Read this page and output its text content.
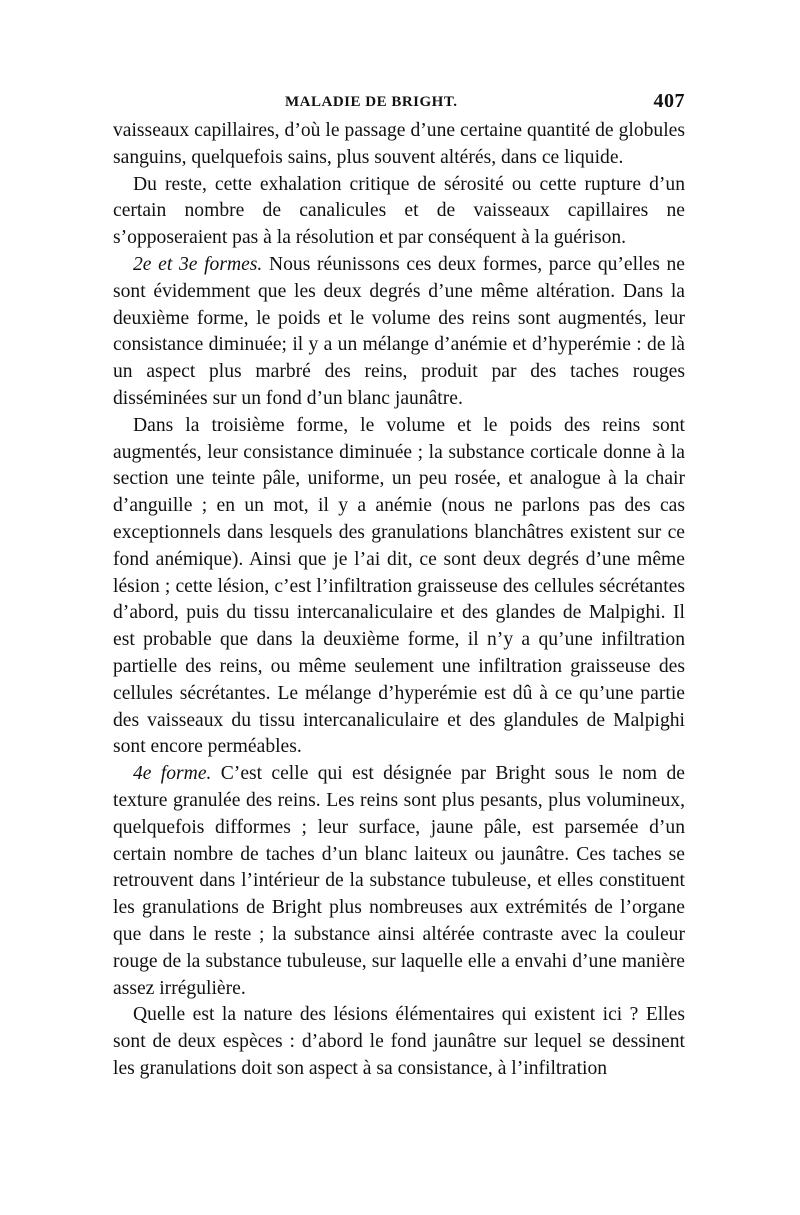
MALADIE DE BRIGHT.	407

vaisseaux capillaires, d’où le passage d’une certaine quantité de globules sanguins, quelquefois sains, plus souvent altérés, dans ce liquide.

Du reste, cette exhalation critique de sérosité ou cette rupture d’un certain nombre de canalicules et de vaisseaux capillaires ne s’opposeraient pas à la résolution et par conséquent à la guérison.

2e et 3e formes. Nous réunissons ces deux formes, parce qu’elles ne sont évidemment que les deux degrés d’une même altération. Dans la deuxième forme, le poids et le volume des reins sont augmentés, leur consistance diminuée; il y a un mélange d’anémie et d’hyperémie : de là un aspect plus marbré des reins, produit par des taches rouges disséminées sur un fond d’un blanc jaunâtre.

Dans la troisième forme, le volume et le poids des reins sont augmentés, leur consistance diminuée ; la substance corticale donne à la section une teinte pâle, uniforme, un peu rosée, et analogue à la chair d’anguille ; en un mot, il y a anémie (nous ne parlons pas des cas exceptionnels dans lesquels des granulations blanchâtres existent sur ce fond anémique). Ainsi que je l’ai dit, ce sont deux degrés d’une même lésion ; cette lésion, c’est l’infiltration graisseuse des cellules sécrétantes d’abord, puis du tissu intercanaliculaire et des glandes de Malpighi. Il est probable que dans la deuxième forme, il n’y a qu’une infiltration partielle des reins, ou même seulement une infiltration graisseuse des cellules sécrétantes. Le mélange d’hyperémie est dû à ce qu’une partie des vaisseaux du tissu intercanaliculaire et des glandules de Malpighi sont encore perméables.

4e forme. C’est celle qui est désignée par Bright sous le nom de texture granulée des reins. Les reins sont plus pesants, plus volumineux, quelquefois difformes ; leur surface, jaune pâle, est parsemée d’un certain nombre de taches d’un blanc laiteux ou jaunâtre. Ces taches se retrouvent dans l’intérieur de la substance tubuleuse, et elles constituent les granulations de Bright plus nombreuses aux extrémités de l’organe que dans le reste ; la substance ainsi altérée contraste avec la couleur rouge de la substance tubuleuse, sur laquelle elle a envahi d’une manière assez irrégulière.

Quelle est la nature des lésions élémentaires qui existent ici ? Elles sont de deux espèces : d’abord le fond jaunâtre sur lequel se dessinent les granulations doit son aspect à sa consistance, à l’infiltration
